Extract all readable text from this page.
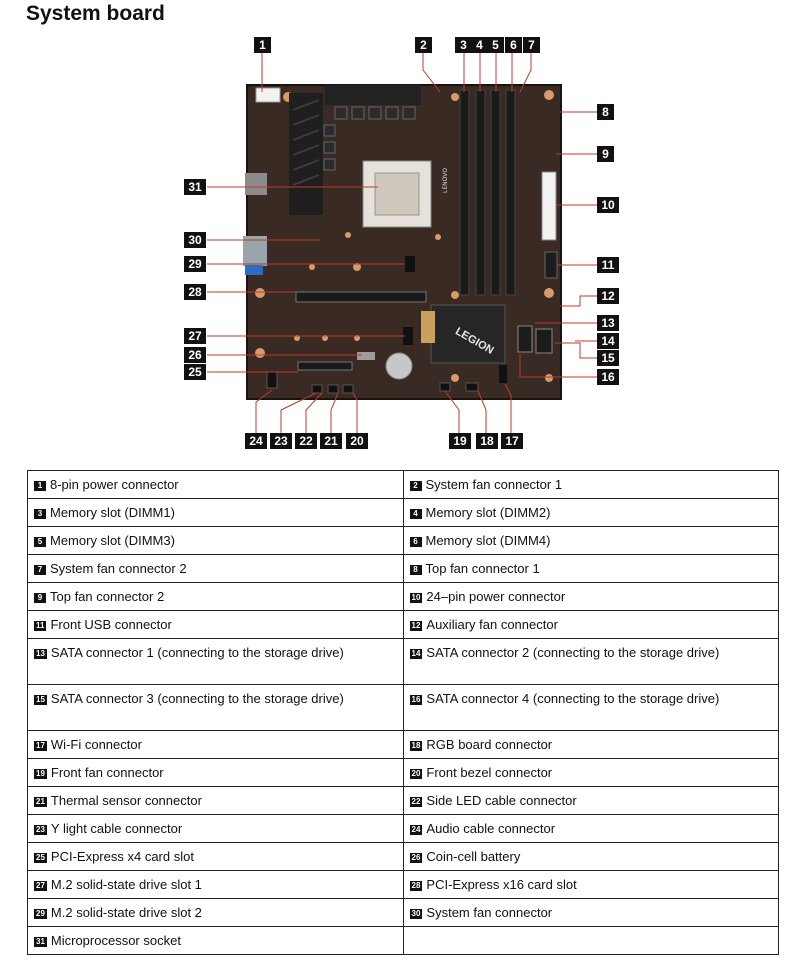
System board
LENOVO
LEGION
1	2	3 4 5 6 7
8
9
10
11
12
13
14
15
16
17
18
19
20
21
22
23
24
25
26
27
28
29
30
31
1 8-pin power connector	2 System fan connector 1
3 Memory slot (DIMM1)	4 Memory slot (DIMM2)
5 Memory slot (DIMM3)	6 Memory slot (DIMM4)
7 System fan connector 2	8 Top fan connector 1
9 Top fan connector 2	10 24–pin power connector
11 Front USB connector	12 Auxiliary fan connector
13 SATA connector 1 (connecting to the storage drive)	14 SATA connector 2 (connecting to the storage drive)
15 SATA connector 3 (connecting to the storage drive)	16 SATA connector 4 (connecting to the storage drive)
17 Wi-Fi connector	18 RGB board connector
19 Front fan connector	20 Front bezel connector
21 Thermal sensor connector	22 Side LED cable connector
23 Y light cable connector	24 Audio cable connector
25 PCI-Express x4 card slot	26 Coin-cell battery
27 M.2 solid-state drive slot 1	28 PCI-Express x16 card slot
29 M.2 solid-state drive slot 2	30 System fan connector
31 Microprocessor socket	
